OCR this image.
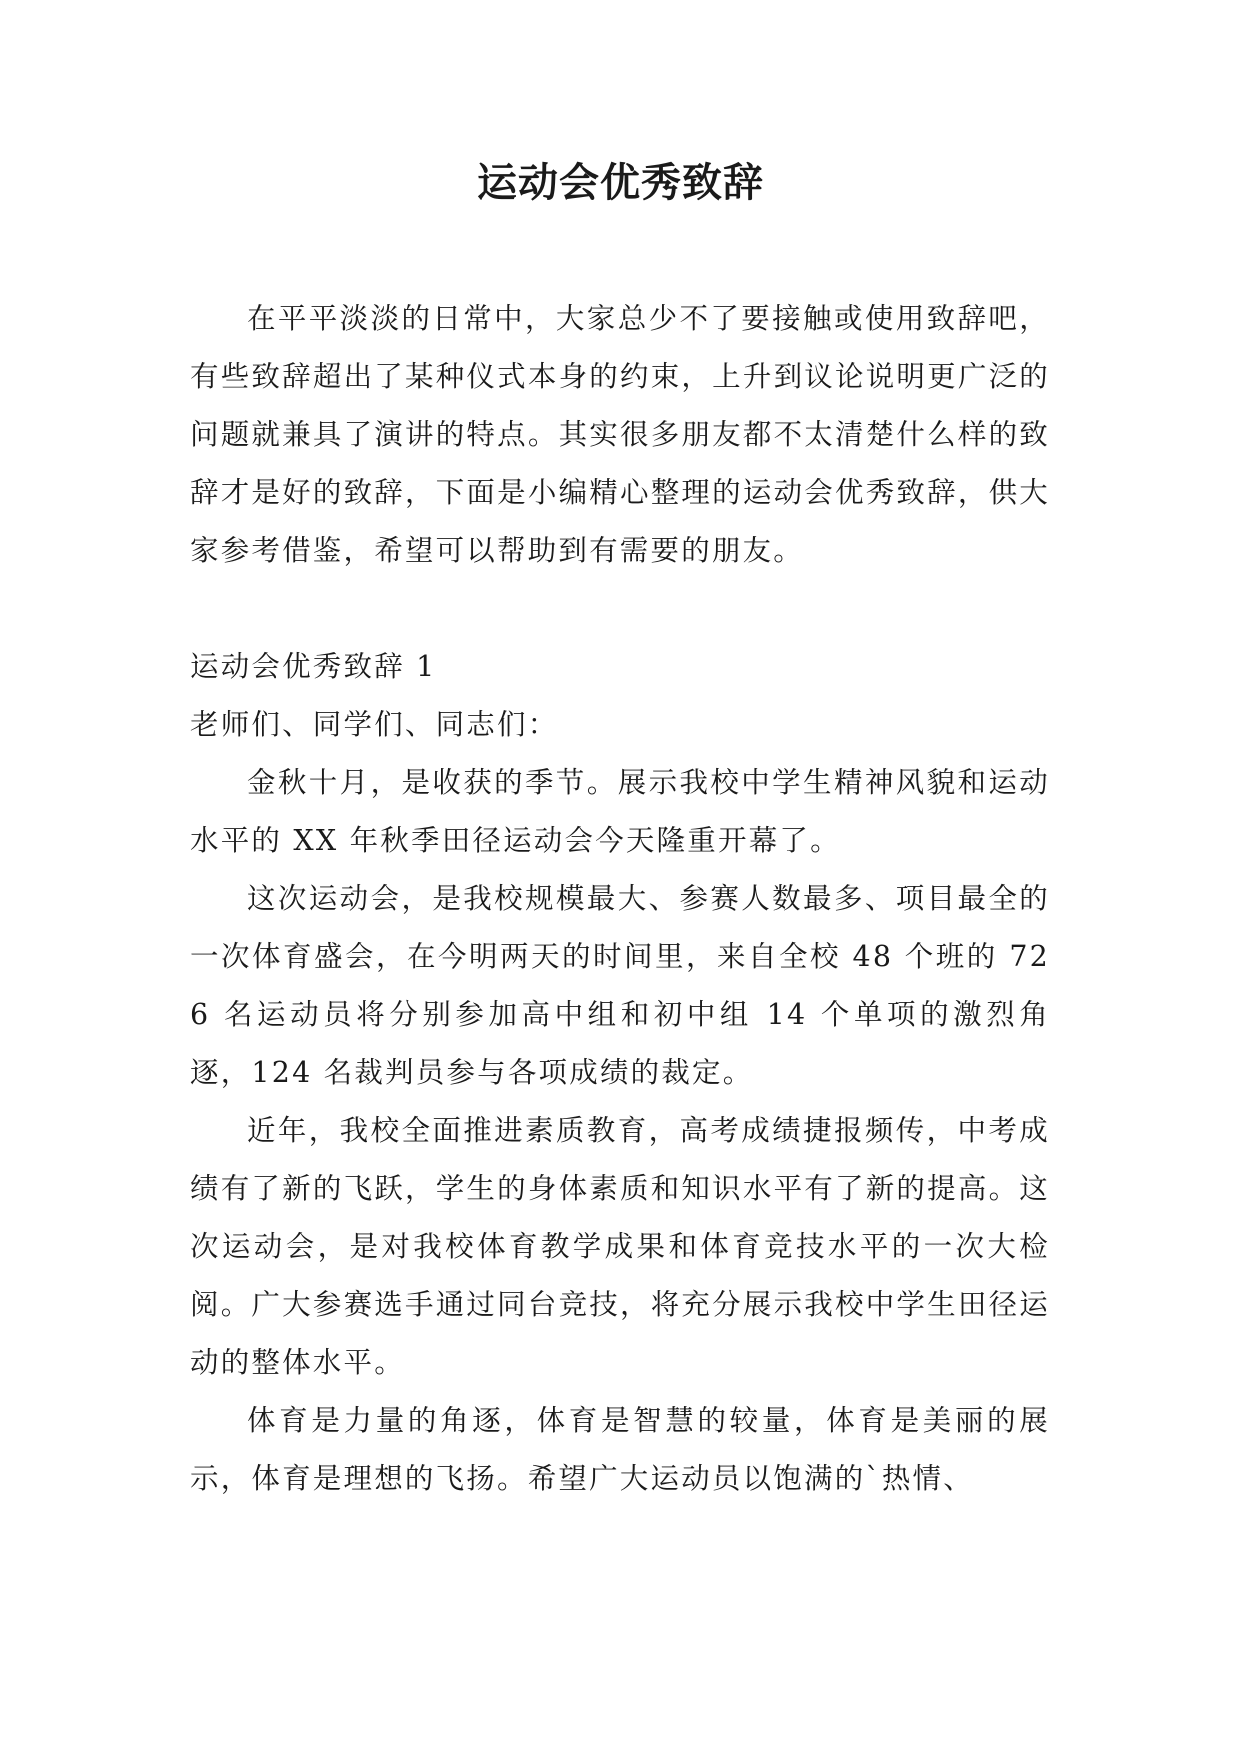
运动会优秀致辞

在平平淡淡的日常中，大家总少不了要接触或使用致辞吧，有些致辞超出了某种仪式本身的约束，上升到议论说明更广泛的问题就兼具了演讲的特点。其实很多朋友都不太清楚什么样的致辞才是好的致辞，下面是小编精心整理的运动会优秀致辞，供大家参考借鉴，希望可以帮助到有需要的朋友。

运动会优秀致辞 1

老师们、同学们、同志们：

金秋十月，是收获的季节。展示我校中学生精神风貌和运动水平的 XX 年秋季田径运动会今天隆重开幕了。

这次运动会，是我校规模最大、参赛人数最多、项目最全的一次体育盛会，在今明两天的时间里，来自全校 48 个班的 726 名运动员将分别参加高中组和初中组 14 个单项的激烈角逐，124 名裁判员参与各项成绩的裁定。

近年，我校全面推进素质教育，高考成绩捷报频传，中考成绩有了新的飞跃，学生的身体素质和知识水平有了新的提高。这次运动会，是对我校体育教学成果和体育竞技水平的一次大检阅。广大参赛选手通过同台竞技，将充分展示我校中学生田径运动的整体水平。

体育是力量的角逐，体育是智慧的较量，体育是美丽的展示，体育是理想的飞扬。希望广大运动员以饱满的`热情、
